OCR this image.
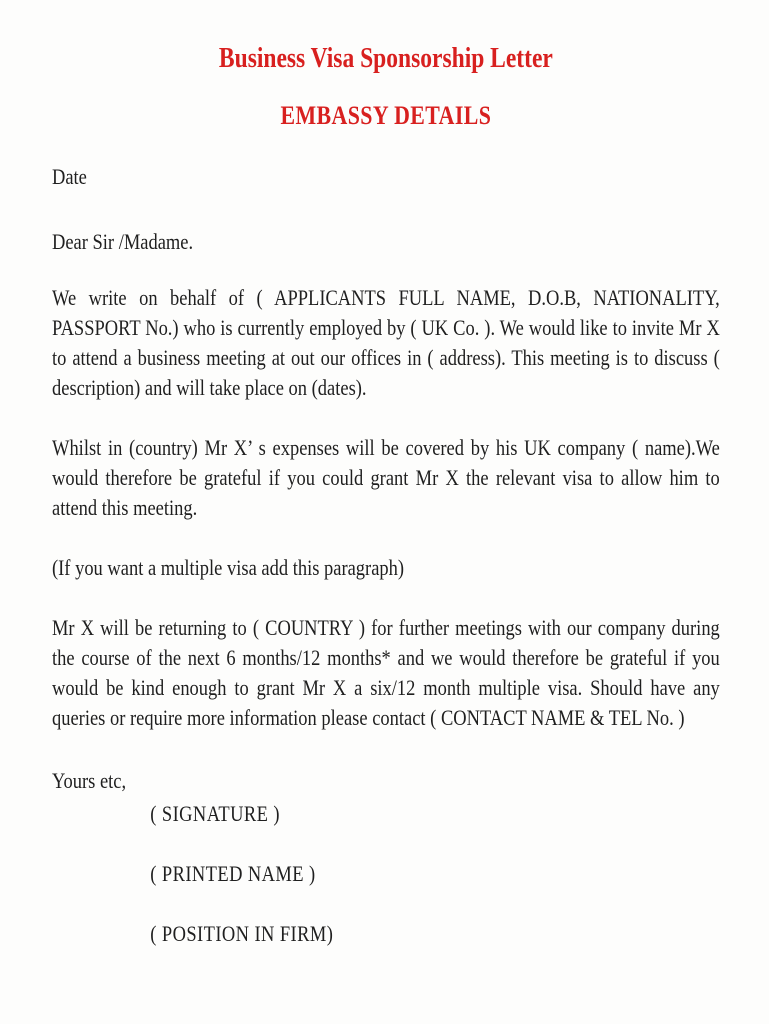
Business Visa Sponsorship Letter
EMBASSY DETAILS
Date
Dear Sir /Madame.

We write on behalf of ( APPLICANTS FULL NAME, D.O.B, NATIONALITY, PASSPORT No.) who is currently employed by ( UK Co. ). We would like to invite Mr X to attend a business meeting at out our offices in ( address). This meeting is to discuss ( description) and will take place on (dates).

Whilst in (country) Mr X’ s expenses will be covered by his UK company ( name).We would therefore be grateful if you could grant Mr X the relevant visa to allow him to attend this meeting.

(If you want a multiple visa add this paragraph)

Mr X will be returning to ( COUNTRY ) for further meetings with our company during the course of the next 6 months/12 months* and we would therefore be grateful if you would be kind enough to grant Mr X a six/12 month multiple visa. Should have any queries or require more information please contact ( CONTACT NAME & TEL No. )

Yours etc,
( SIGNATURE )
( PRINTED NAME )
( POSITION IN FIRM)
